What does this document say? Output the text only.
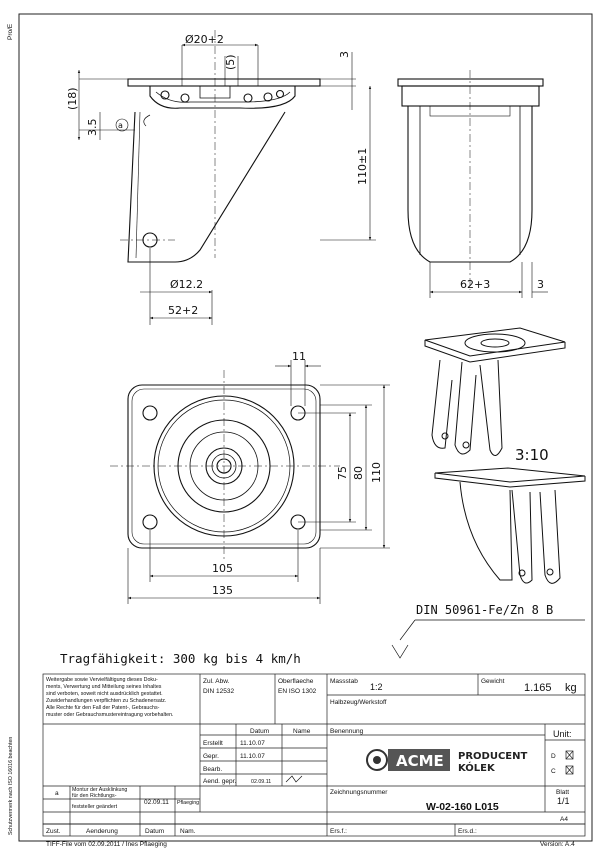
Pro/E
Schutzvermerk nach ISO 16016 beachten
Ø20+2
(5)	3
(18)
3.5
110±1
a
Ø12.2
52+2
62+3	3
11
75 80 110
105
135
3:10
DIN 50961-Fe/Zn 8 B
Tragfähigkeit: 300 kg bis 4 km/h
Weitergabe sowie Vervielfältigung dieses Doku-
ments, Verwertung und Mitteilung seines Inhaltes
sind verboten, soweit nicht ausdrücklich gestattet.
Zuwiderhandlungen verpflichten zu Schadenersatz.
Alle Rechte für den Fall der Patent-, Gebrauchs-
muster oder Gebrauchsmustereintragung vorbehalten.
Zul. Abw.
DIN 12532
Oberflaeche
EN ISO 1302
Massstab
1:2
Gewicht
1.165 kg
Halbzeug/Werkstoff
Datum	Name	Benennung	Unit:
D
C
Erstellt	11.10.07
Gepr.	11.10.07
Bearb.
Aend. gepr.	02.09.11
ACME PRODUCENT
KÓLEK
a	Montur der Ausklinkung
für den Richtlungs-
feststeller geändert
02.09.11 Pflaeging
Zeichnungsnummer
W-02-160 L015
Blatt
1/1
A4
Zust.	Aenderung	Datum Nam.	Ers.f.:	Ers.d.:
TIFF-File vom 02.09.2011 / Ines Pflaeging	Version: A.4
